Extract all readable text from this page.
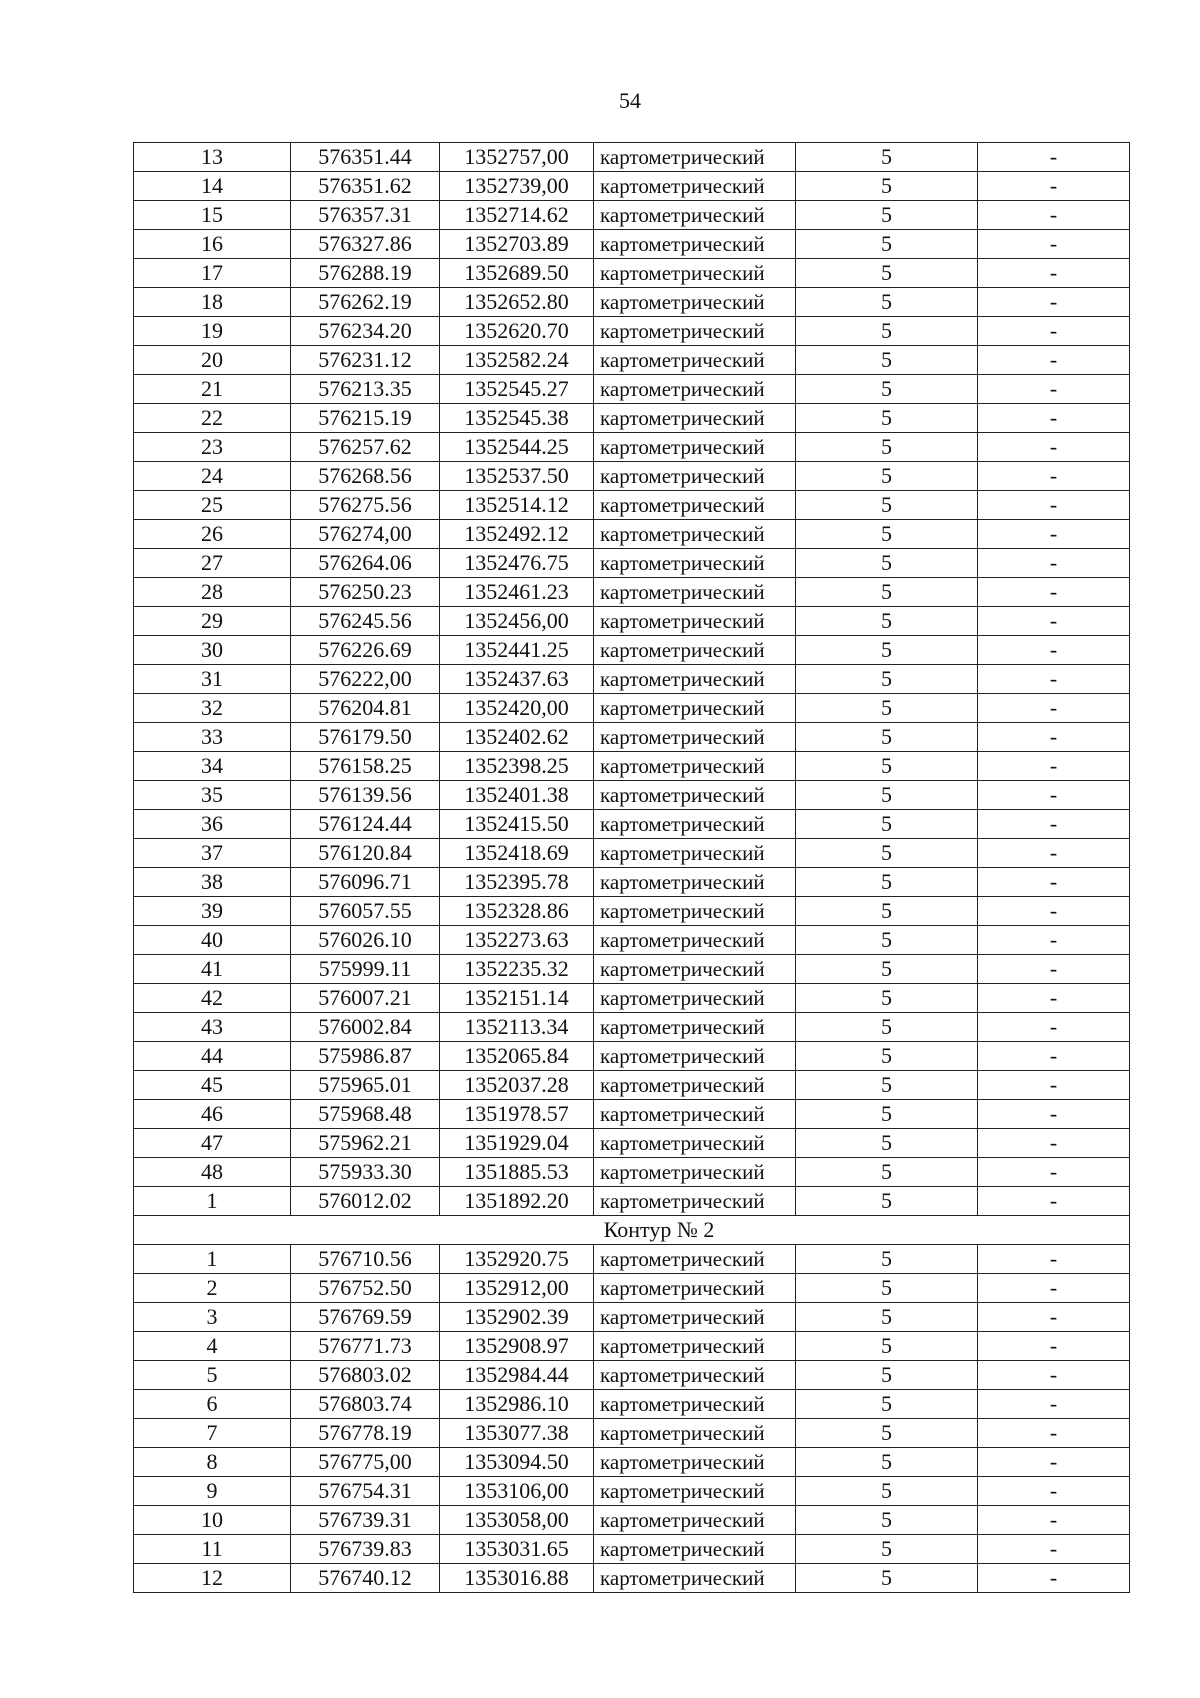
54
13	576351.44	1352757,00	картометрический	5	-
14	576351.62	1352739,00	картометрический	5	-
15	576357.31	1352714.62	картометрический	5	-
16	576327.86	1352703.89	картометрический	5	-
17	576288.19	1352689.50	картометрический	5	-
18	576262.19	1352652.80	картометрический	5	-
19	576234.20	1352620.70	картометрический	5	-
20	576231.12	1352582.24	картометрический	5	-
21	576213.35	1352545.27	картометрический	5	-
22	576215.19	1352545.38	картометрический	5	-
23	576257.62	1352544.25	картометрический	5	-
24	576268.56	1352537.50	картометрический	5	-
25	576275.56	1352514.12	картометрический	5	-
26	576274,00	1352492.12	картометрический	5	-
27	576264.06	1352476.75	картометрический	5	-
28	576250.23	1352461.23	картометрический	5	-
29	576245.56	1352456,00	картометрический	5	-
30	576226.69	1352441.25	картометрический	5	-
31	576222,00	1352437.63	картометрический	5	-
32	576204.81	1352420,00	картометрический	5	-
33	576179.50	1352402.62	картометрический	5	-
34	576158.25	1352398.25	картометрический	5	-
35	576139.56	1352401.38	картометрический	5	-
36	576124.44	1352415.50	картометрический	5	-
37	576120.84	1352418.69	картометрический	5	-
38	576096.71	1352395.78	картометрический	5	-
39	576057.55	1352328.86	картометрический	5	-
40	576026.10	1352273.63	картометрический	5	-
41	575999.11	1352235.32	картометрический	5	-
42	576007.21	1352151.14	картометрический	5	-
43	576002.84	1352113.34	картометрический	5	-
44	575986.87	1352065.84	картометрический	5	-
45	575965.01	1352037.28	картометрический	5	-
46	575968.48	1351978.57	картометрический	5	-
47	575962.21	1351929.04	картометрический	5	-
48	575933.30	1351885.53	картометрический	5	-
1	576012.02	1351892.20	картометрический	5	-
Контур № 2					
1	576710.56	1352920.75	картометрический	5	-
2	576752.50	1352912,00	картометрический	5	-
3	576769.59	1352902.39	картометрический	5	-
4	576771.73	1352908.97	картометрический	5	-
5	576803.02	1352984.44	картометрический	5	-
6	576803.74	1352986.10	картометрический	5	-
7	576778.19	1353077.38	картометрический	5	-
8	576775,00	1353094.50	картометрический	5	-
9	576754.31	1353106,00	картометрический	5	-
10	576739.31	1353058,00	картометрический	5	-
11	576739.83	1353031.65	картометрический	5	-
12	576740.12	1353016.88	картометрический	5	-
